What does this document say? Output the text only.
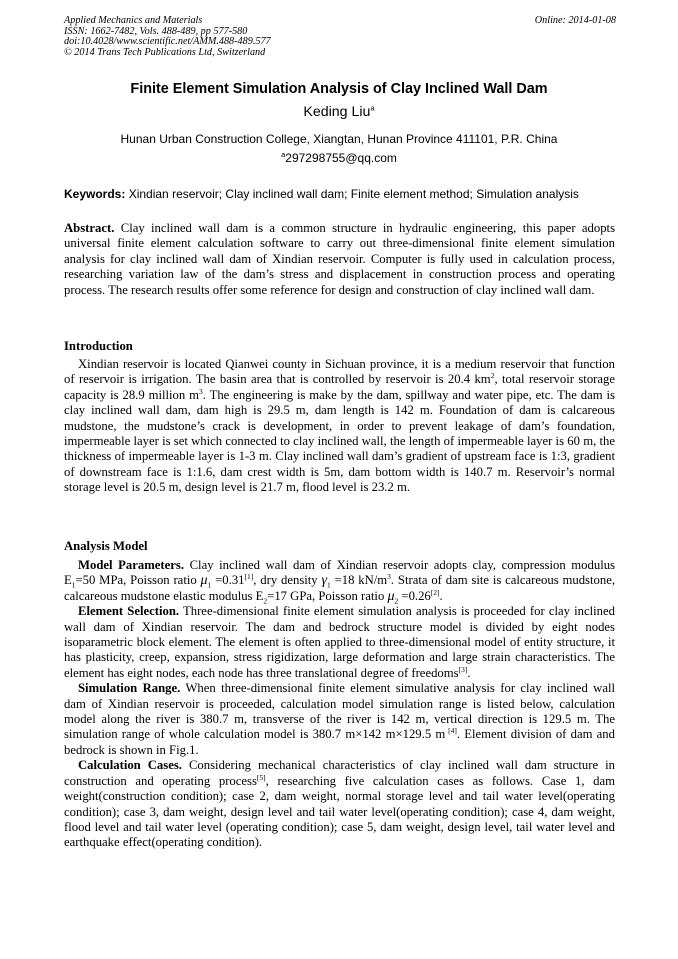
Applied Mechanics and Materials
ISSN: 1662-7482, Vols. 488-489, pp 577-580
doi:10.4028/www.scientific.net/AMM.488-489.577
© 2014 Trans Tech Publications Ltd, Switzerland
Online: 2014-01-08
Finite Element Simulation Analysis of Clay Inclined Wall Dam
Keding Liu$^a$
Hunan Urban Construction College, Xiangtan, Hunan Province 411101, P.R. China
$^a$297298755@qq.com
Keywords: Xindian reservoir; Clay inclined wall dam; Finite element method; Simulation analysis

Abstract. Clay inclined wall dam is a common structure in hydraulic engineering, this paper adopts universal finite element calculation software to carry out three-dimensional finite element simulation analysis for clay inclined wall dam of Xindian reservoir. Computer is fully used in calculation process, researching variation law of the dam’s stress and displacement in construction process and operating process. The research results offer some reference for design and construction of clay inclined wall dam.

Introduction

Xindian reservoir is located Qianwei county in Sichuan province, it is a medium reservoir that function of reservoir is irrigation. The basin area that is controlled by reservoir is 20.4 $km^2$, total reservoir storage capacity is 28.9 million $m^3$. The engineering is make by the dam, spillway and water pipe, etc. The dam is clay inclined wall dam, dam high is 29.5 m, dam length is 142 m. Foundation of dam is calcareous mudstone, the mudstone’s crack is development, in order to prevent leakage of dam’s foundation, impermeable layer is set which connected to clay inclined wall, the length of impermeable layer is 60 m, the thickness of impermeable layer is 1-3 m. Clay inclined wall dam’s gradient of upstream face is 1:3, gradient of downstream face is 1:1.6, dam crest width is 5m, dam bottom width is 140.7 m. Reservoir’s normal storage level is 20.5 m, design level is 21.7 m, flood level is 23.2 m.

Analysis Model

Model Parameters. Clay inclined wall dam of Xindian reservoir adopts clay, compression modulus $E_1=50$ MPa, Poisson ratio $\mu_1 =0.31[1]$, dry density $\gamma_1 =18$ $kN/m^3$. Strata of dam site is calcareous mudstone, calcareous mudstone elastic modulus $E_2=17$ GPa, Poisson ratio $\mu_2 =0.26[2]$.

Element Selection. Three-dimensional finite element simulation analysis is proceeded for clay inclined wall dam of Xindian reservoir. The dam and bedrock structure model is divided by eight nodes isoparametric block element. The element is often applied to three-dimensional model of entity structure, it has plasticity, creep, expansion, stress rigidization, large deformation and large strain characteristics. The element has eight nodes, each node has three translational degree of freedoms[3].

Simulation Range. When three-dimensional finite element simulative analysis for clay inclined wall dam of Xindian reservoir is proceeded, calculation model simulation range is listed below, calculation model along the river is 380.7 m, transverse of the river is 142 m, vertical direction is 129.5 m. The simulation range of whole calculation model is 380.7 m×142 m×129.5 m [4]. Element division of dam and bedrock is shown in Fig.1.

Calculation Cases. Considering mechanical characteristics of clay inclined wall dam structure in construction and operating process[5], researching five calculation cases as follows. Case 1, dam weight(construction condition); case 2, dam weight, normal storage level and tail water level(operating condition); case 3, dam weight, design level and tail water level(operating condition); case 4, dam weight, flood level and tail water level (operating condition); case 5, dam weight, design level, tail water level and earthquake effect(operating condition).
